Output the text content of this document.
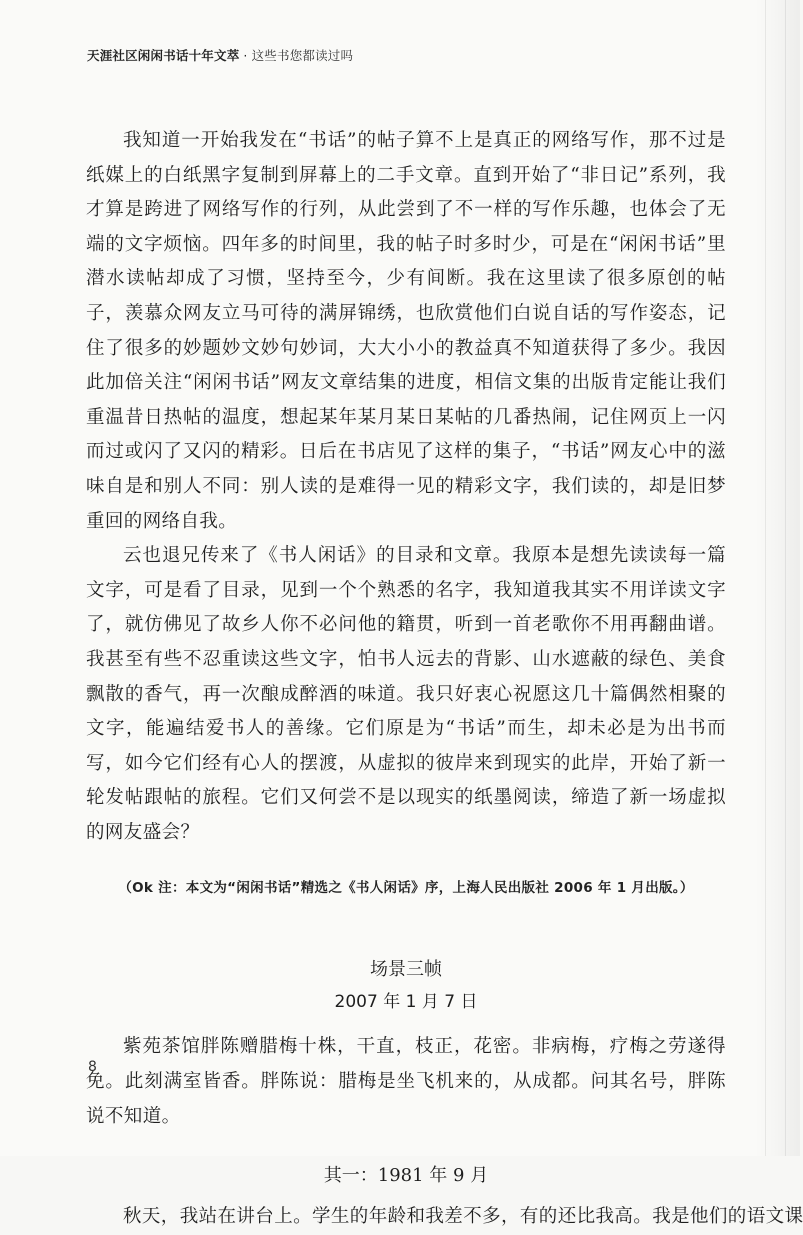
天涯社区闲闲书话十年文萃 · 这些书您都读过吗

我知道一开始我发在“书话”的帖子算不上是真正的网络写作，那不过是纸媒上的白纸黑字复制到屏幕上的二手文章。直到开始了“非日记”系列，我才算是跨进了网络写作的行列，从此尝到了不一样的写作乐趣，也体会了无端的文字烦恼。四年多的时间里，我的帖子时多时少，可是在“闲闲书话”里潜水读帖却成了习惯，坚持至今，少有间断。我在这里读了很多原创的帖子，羡慕众网友立马可待的满屏锦绣，也欣赏他们白说自话的写作姿态，记住了很多的妙题妙文妙句妙词，大大小小的教益真不知道获得了多少。我因此加倍关注“闲闲书话”网友文章结集的进度，相信文集的出版肯定能让我们重温昔日热帖的温度，想起某年某月某日某帖的几番热闹，记住网页上一闪而过或闪了又闪的精彩。日后在书店见了这样的集子，“书话”网友心中的滋味自是和别人不同：别人读的是难得一见的精彩文字，我们读的，却是旧梦重回的网络自我。

云也退兄传来了《书人闲话》的目录和文章。我原本是想先读读每一篇文字，可是看了目录，见到一个个熟悉的名字，我知道我其实不用详读文字了，就仿佛见了故乡人你不必问他的籍贯，听到一首老歌你不用再翻曲谱。我甚至有些不忍重读这些文字，怕书人远去的背影、山水遮蔽的绿色、美食飘散的香气，再一次酿成醉酒的味道。我只好衷心祝愿这几十篇偶然相聚的文字，能遍结爱书人的善缘。它们原是为“书话”而生，却未必是为出书而写，如今它们经有心人的摆渡，从虚拟的彼岸来到现实的此岸，开始了新一轮发帖跟帖的旅程。它们又何尝不是以现实的纸墨阅读，缔造了新一场虚拟的网友盛会？

（Ok 注：本文为“闲闲书话”精选之《书人闲话》序，上海人民出版社 2006 年 1 月出版。）

场景三帧
2007 年 1 月 7 日

紫苑茶馆胖陈赠腊梅十株，干直，枝正，花密。非病梅，疗梅之劳遂得免。此刻满室皆香。胖陈说：腊梅是坐飞机来的，从成都。问其名号，胖陈说不知道。

其一：1981 年 9 月

秋天，我站在讲台上。学生的年龄和我差不多，有的还比我高。我是他们的语文课

8
